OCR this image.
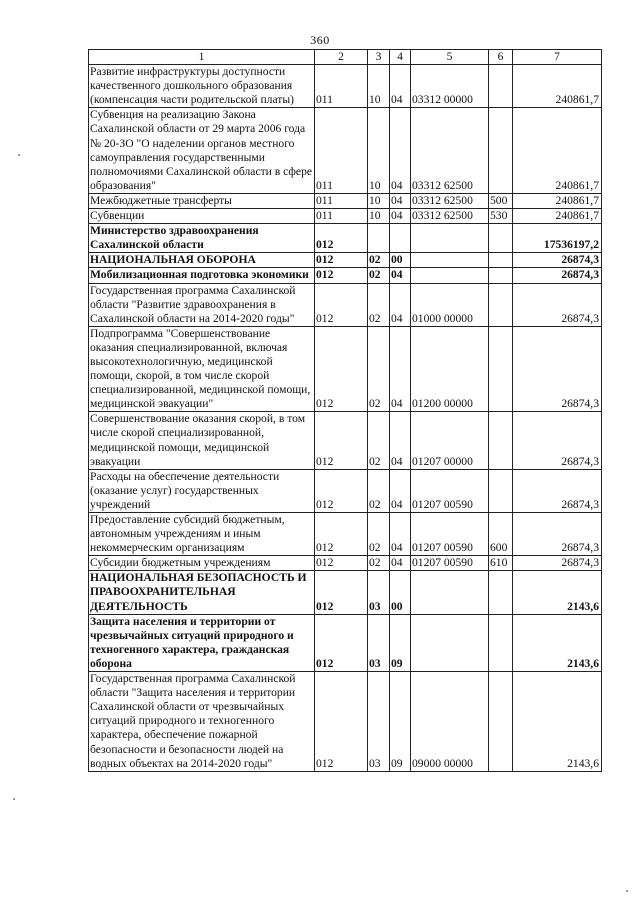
360
1	2	3	4	5	6	7
Развитие инфраструктуры доступности качественного дошкольного образования (компенсация части родительской платы)	011	10	04	03312 00000		240861,7
Субвенция на реализацию Закона Сахалинской области от 29 марта 2006 года № 20-ЗО "О наделении органов местного самоуправления государственными полномочиями Сахалинской области в сфере образования"	011	10	04	03312 62500		240861,7
Межбюджетные трансферты	011	10	04	03312 62500	500	240861,7
Субвенции	011	10	04	03312 62500	530	240861,7
Министерство здравоохранения Сахалинской области	012					17536197,2
НАЦИОНАЛЬНАЯ ОБОРОНА	012	02	00			26874,3
Мобилизационная подготовка экономики	012	02	04			26874,3
Государственная программа Сахалинской области "Развитие здравоохранения в Сахалинской области на 2014-2020 годы"	012	02	04	01000 00000		26874,3
Подпрограмма "Совершенствование оказания специализированной, включая высокотехнологичную, медицинской помощи, скорой, в том числе скорой специализированной, медицинской помощи, медицинской эвакуации"	012	02	04	01200 00000		26874,3
Совершенствование оказания скорой, в том числе скорой специализированной, медицинской помощи, медицинской эвакуации	012	02	04	01207 00000		26874,3
Расходы на обеспечение деятельности (оказание услуг) государственных учреждений	012	02	04	01207 00590		26874,3
Предоставление субсидий бюджетным, автономным учреждениям и иным некоммерческим организациям	012	02	04	01207 00590	600	26874,3
Субсидии бюджетным учреждениям	012	02	04	01207 00590	610	26874,3
НАЦИОНАЛЬНАЯ БЕЗОПАСНОСТЬ И ПРАВООХРАНИТЕЛЬНАЯ ДЕЯТЕЛЬНОСТЬ	012	03	00			2143,6
Защита населения и территории от чрезвычайных ситуаций природного и техногенного характера, гражданская оборона	012	03	09			2143,6
Государственная программа Сахалинской области "Защита населения и территории Сахалинской области от чрезвычайных ситуаций природного и техногенного характера, обеспечение пожарной безопасности и безопасности людей на водных объектах на 2014-2020 годы"	012	03	09	09000 00000		2143,6
